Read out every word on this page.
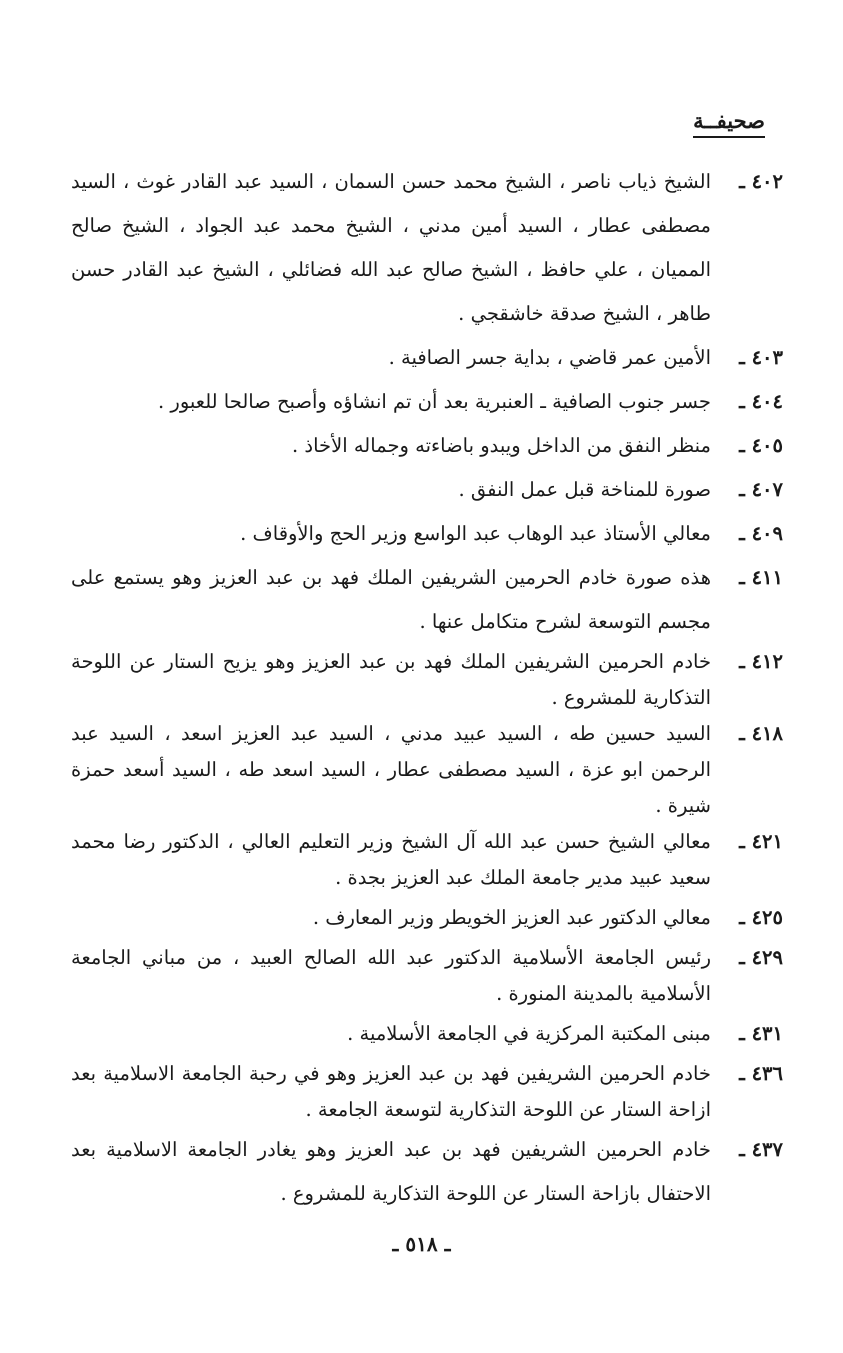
صحيفــة
٤٠٢ ـ
الشيخ ذياب ناصر ، الشيخ محمد حسن السمان ، السيد عبد القادر غوث ، السيد مصطفى عطار ، السيد أمين مدني ، الشيخ محمد عبد الجواد ، الشيخ صالح المميان ، علي حافظ ، الشيخ صالح عبد الله فضائلي ، الشيخ عبد القادر حسن طاهر ، الشيخ صدقة خاشقجي .
٤٠٣ ـ
الأمين عمر قاضي ، بداية جسر الصافية .
٤٠٤ ـ
جسر جنوب الصافية ـ العنبرية بعد أن تم انشاؤه وأصبح صالحا للعبور .
٤٠٥ ـ
منظر النفق من الداخل ويبدو باضاءته وجماله الأخاذ .
٤٠٧ ـ
صورة للمناخة قبل عمل النفق .
٤٠٩ ـ
معالي الأستاذ عبد الوهاب عبد الواسع وزير الحج والأوقاف .
٤١١ ـ
هذه صورة خادم الحرمين الشريفين الملك فهد بن عبد العزيز وهو يستمع على مجسم التوسعة لشرح متكامل عنها .
٤١٢ ـ
خادم الحرمين الشريفين الملك فهد بن عبد العزيز وهو يزيح الستار عن اللوحة التذكارية للمشروع .
٤١٨ ـ
السيد حسين طه ، السيد عبيد مدني ، السيد عبد العزيز اسعد ، السيد عبد الرحمن ابو عزة ، السيد مصطفى عطار ، السيد اسعد طه ، السيد أسعد حمزة شيرة .
٤٢١ ـ
معالي الشيخ حسن عبد الله آل الشيخ وزير التعليم العالي ، الدكتور رضا محمد سعيد عبيد مدير جامعة الملك عبد العزيز بجدة .
٤٢٥ ـ
معالي الدكتور عبد العزيز الخويطر وزير المعارف .
٤٢٩ ـ
رئيس الجامعة الأسلامية الدكتور عبد الله الصالح العبيد ، من مباني الجامعة الأسلامية بالمدينة المنورة .
٤٣١ ـ
مبنى المكتبة المركزية في الجامعة الأسلامية .
٤٣٦ ـ
خادم الحرمين الشريفين فهد بن عبد العزيز وهو في رحبة الجامعة الاسلامية بعد ازاحة الستار عن اللوحة التذكارية لتوسعة الجامعة .
٤٣٧ ـ
خادم الحرمين الشريفين فهد بن عبد العزيز وهو يغادر الجامعة الاسلامية بعد الاحتفال بازاحة الستار عن اللوحة التذكارية للمشروع .
ـ ٥١٨ ـ
